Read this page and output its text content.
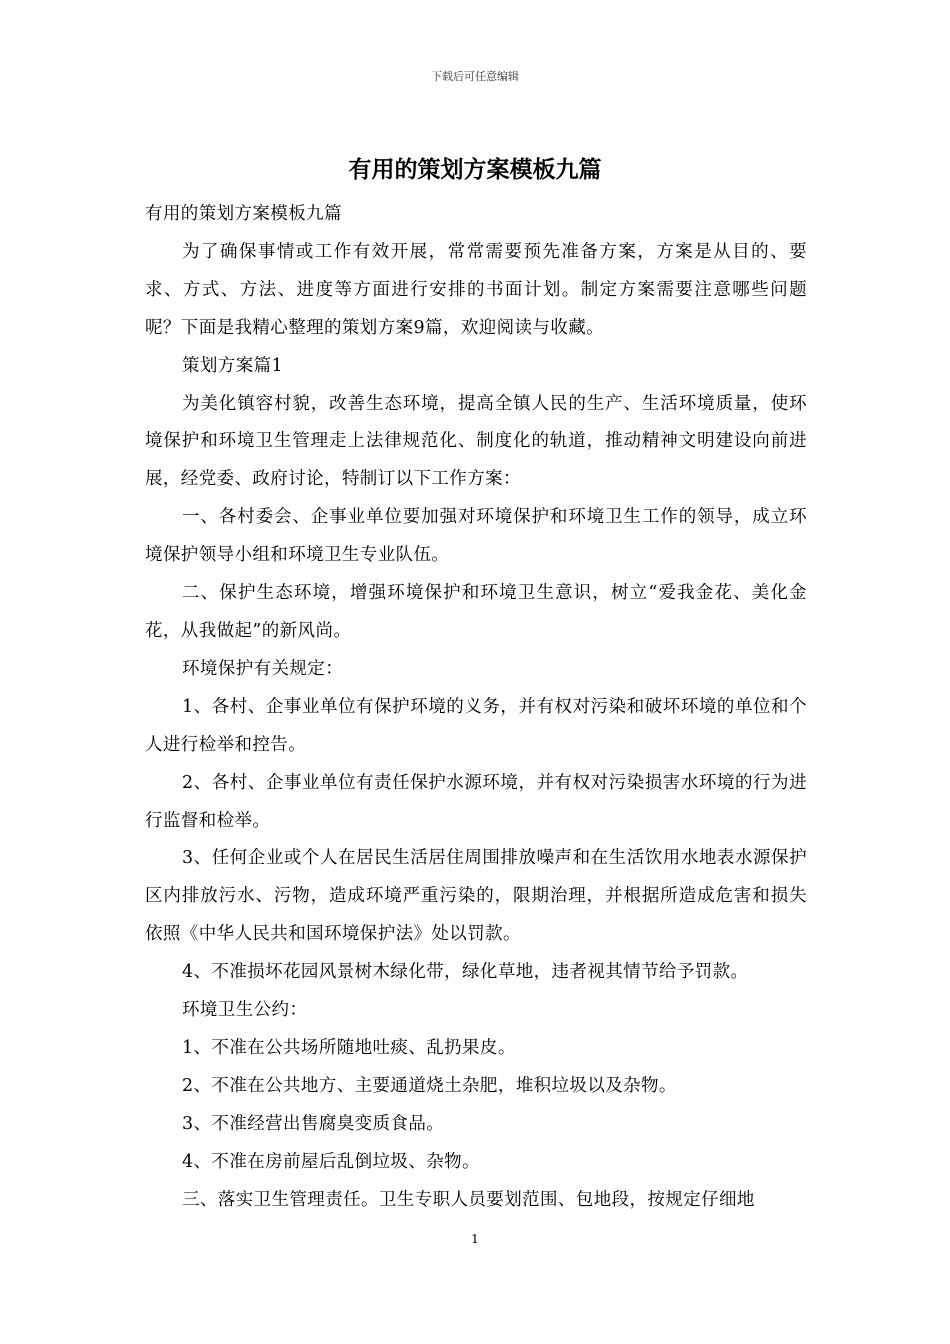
下载后可任意编辑
有用的策划方案模板九篇

有用的策划方案模板九篇

为了确保事情或工作有效开展，常常需要预先准备方案，方案是从目的、要求、方式、方法、进度等方面进行安排的书面计划。制定方案需要注意哪些问题呢？下面是我精心整理的策划方案9篇，欢迎阅读与收藏。

策划方案篇1

为美化镇容村貌，改善生态环境，提高全镇人民的生产、生活环境质量，使环境保护和环境卫生管理走上法律规范化、制度化的轨道，推动精神文明建设向前进展，经党委、政府讨论，特制订以下工作方案：

一、各村委会、企事业单位要加强对环境保护和环境卫生工作的领导，成立环境保护领导小组和环境卫生专业队伍。

二、保护生态环境，增强环境保护和环境卫生意识，树立“爱我金花、美化金花，从我做起”的新风尚。

环境保护有关规定：

1、各村、企事业单位有保护环境的义务，并有权对污染和破坏环境的单位和个人进行检举和控告。

2、各村、企事业单位有责任保护水源环境，并有权对污染损害水环境的行为进行监督和检举。

3、任何企业或个人在居民生活居住周围排放噪声和在生活饮用水地表水源保护区内排放污水、污物，造成环境严重污染的，限期治理，并根据所造成危害和损失依照《中华人民共和国环境保护法》处以罚款。

4、不准损坏花园风景树木绿化带，绿化草地，违者视其情节给予罚款。

环境卫生公约：

1、不准在公共场所随地吐痰、乱扔果皮。

2、不准在公共地方、主要通道烧土杂肥，堆积垃圾以及杂物。

3、不准经营出售腐臭变质食品。

4、不准在房前屋后乱倒垃圾、杂物。

三、落实卫生管理责任。卫生专职人员要划范围、包地段，按规定仔细地

1
